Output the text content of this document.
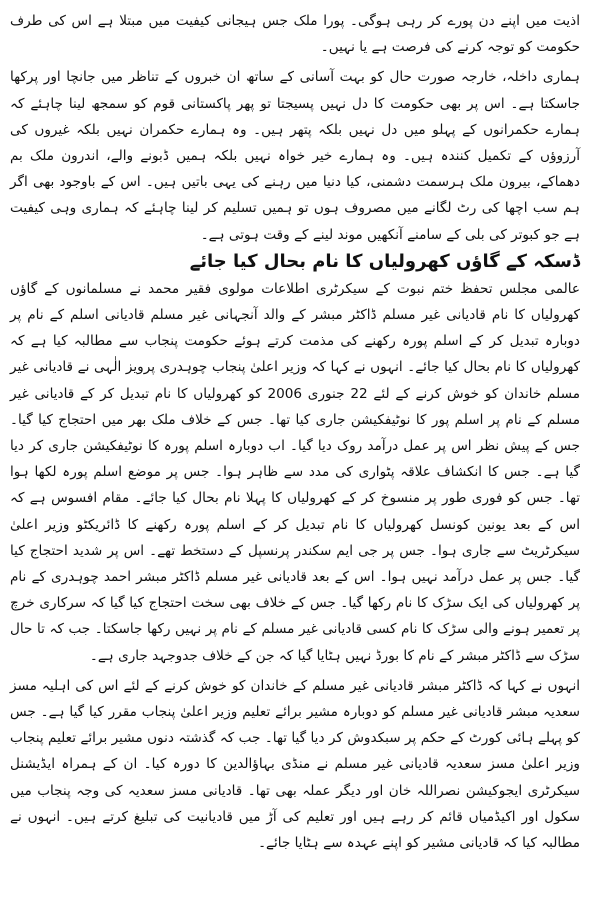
اذیت میں اپنے دن پورے کر رہی ہوگی۔ پورا ملک جس ہیجانی کیفیت میں مبتلا ہے اس کی طرف حکومت کو توجہ کرنے کی فرصت ہے یا نہیں۔

ہماری داخلہ، خارجہ صورت حال کو بہت آسانی کے ساتھ ان خبروں کے تناظر میں جانچا اور پرکھا جاسکتا ہے۔ اس پر بھی حکومت کا دل نہیں پسیجتا تو پھر پاکستانی قوم کو سمجھ لینا چاہئے کہ ہمارے حکمرانوں کے پہلو میں دل نہیں بلکہ پتھر ہیں۔ وہ ہمارے حکمران نہیں بلکہ غیروں کی آرزوؤں کے تکمیل کنندہ ہیں۔ وہ ہمارے خیر خواہ نہیں بلکہ ہمیں ڈبونے والے، اندرون ملک بم دھماکے، بیرون ملک ہرسمت دشمنی، کیا دنیا میں رہنے کی یہی باتیں ہیں۔ اس کے باوجود بھی اگر ہم سب اچھا کی رٹ لگانے میں مصروف ہوں تو ہمیں تسلیم کر لینا چاہئے کہ ہماری وہی کیفیت ہے جو کبوتر کی بلی کے سامنے آنکھیں موند لینے کے وقت ہوتی ہے۔

ڈسکہ کے گاؤں کھرولیاں کا نام بحال کیا جائے

عالمی مجلس تحفظ ختم نبوت کے سیکرٹری اطلاعات مولوی فقیر محمد نے مسلمانوں کے گاؤں کھرولیاں کا نام قادیانی غیر مسلم ڈاکٹر مبشر کے والد آنجہانی غیر مسلم قادیانی اسلم کے نام پر دوبارہ تبدیل کر کے اسلم پورہ رکھنے کی مذمت کرتے ہوئے حکومت پنجاب سے مطالبہ کیا ہے کہ کھرولیاں کا نام بحال کیا جائے۔ انہوں نے کہا کہ وزیر اعلیٰ پنجاب چوہدری پرویز الٰہی نے قادیانی غیر مسلم خاندان کو خوش کرنے کے لئے 22 جنوری 2006 کو کھرولیاں کا نام تبدیل کر کے قادیانی غیر مسلم کے نام پر اسلم پور کا نوٹیفکیشن جاری کیا تھا۔ جس کے خلاف ملک بھر میں احتجاج کیا گیا۔ جس کے پیش نظر اس پر عمل درآمد روک دیا گیا۔ اب دوبارہ اسلم پورہ کا نوٹیفکیشن جاری کر دیا گیا ہے۔ جس کا انکشاف علاقہ پٹواری کی مدد سے ظاہر ہوا۔ جس پر موضع اسلم پورہ لکھا ہوا تھا۔ جس کو فوری طور پر منسوخ کر کے کھرولیاں کا پہلا نام بحال کیا جائے۔ مقام افسوس ہے کہ اس کے بعد یونین کونسل کھرولیاں کا نام تبدیل کر کے اسلم پورہ رکھنے کا ڈائریکٹو وزیر اعلیٰ سیکرٹریٹ سے جاری ہوا۔ جس پر جی ایم سکندر پرنسپل کے دستخط تھے۔ اس پر شدید احتجاج کیا گیا۔ جس پر عمل درآمد نہیں ہوا۔ اس کے بعد قادیانی غیر مسلم ڈاکٹر مبشر احمد چوہدری کے نام پر کھرولیاں کی ایک سڑک کا نام رکھا گیا۔ جس کے خلاف بھی سخت احتجاج کیا گیا کہ سرکاری خرچ پر تعمیر ہونے والی سڑک کا نام کسی قادیانی غیر مسلم کے نام پر نہیں رکھا جاسکتا۔ جب کہ تا حال سڑک سے ڈاکٹر مبشر کے نام کا بورڈ نہیں ہٹایا گیا کہ جن کے خلاف جدوجہد جاری ہے۔

انہوں نے کہا کہ ڈاکٹر مبشر قادیانی غیر مسلم کے خاندان کو خوش کرنے کے لئے اس کی اہلیہ مسز سعدیہ مبشر قادیانی غیر مسلم کو دوبارہ مشیر برائے تعلیم وزیر اعلیٰ پنجاب مقرر کیا گیا ہے۔ جس کو پہلے ہائی کورٹ کے حکم پر سبکدوش کر دیا گیا تھا۔ جب کہ گذشتہ دنوں مشیر برائے تعلیم پنجاب وزیر اعلیٰ مسز سعدیہ قادیانی غیر مسلم نے منڈی بہاؤالدین کا دورہ کیا۔ ان کے ہمراہ ایڈیشنل سیکرٹری ایجوکیشن نصراللہ خان اور دیگر عملہ بھی تھا۔ قادیانی مسز سعدیہ کی وجہ پنجاب میں سکول اور اکیڈمیاں قائم کر رہے ہیں اور تعلیم کی آڑ میں قادیانیت کی تبلیغ کرتے ہیں۔ انہوں نے مطالبہ کیا کہ قادیانی مشیر کو اپنے عہدہ سے ہٹایا جائے۔
